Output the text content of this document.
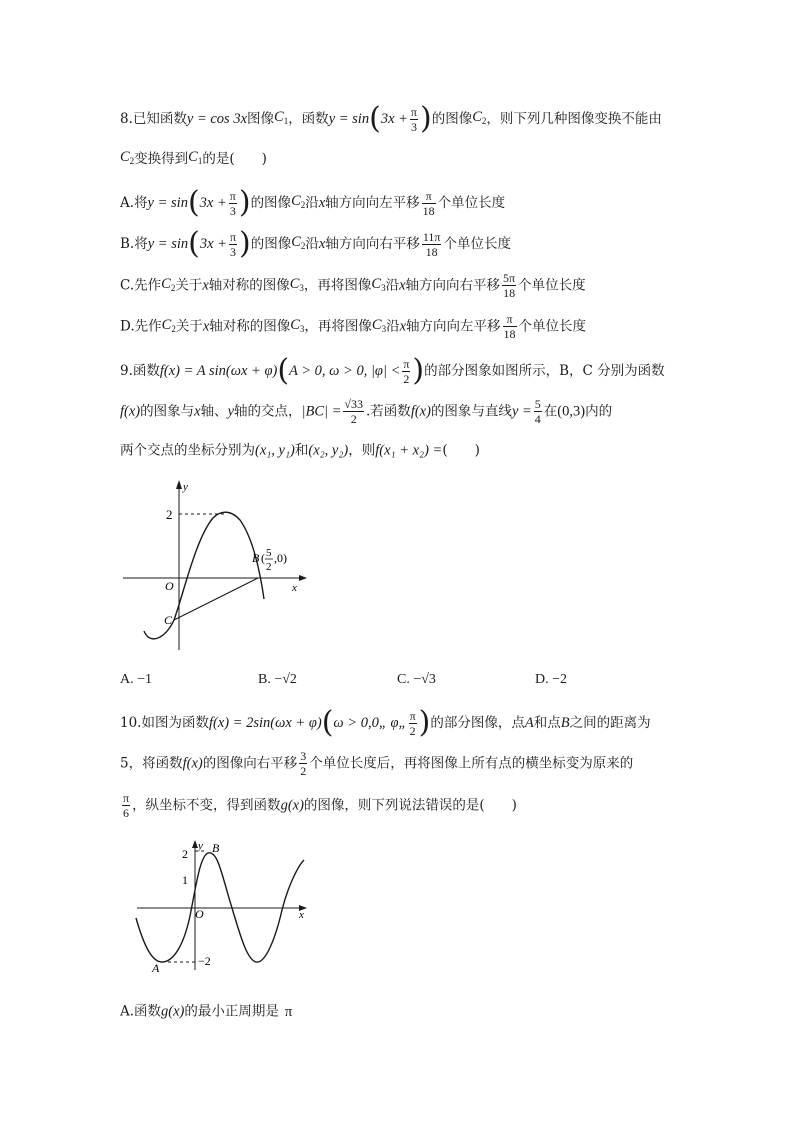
8.已知函数y = cos 3x图像$C_1$，函数$y = \sin(3x + \frac{\pi}{3}$ )的图像$C_2$，则下列几种图像变换不能由
$C_2$变换得到$C_1$的是(　　)
A.将$y = \sin(3x + \frac{\pi}{3}$ )的图像$C_2$沿x轴方向向左平移 $\frac{\pi}{18}$ 个单位长度
B.将$y = \sin(3x + \frac{\pi}{3}$ )的图像$C_2$沿x轴方向向右平移 $\frac{11\pi}{18}$ 个单位长度
C.先作$C_2$关于x轴对称的图像$C_3$，再将图像$C_3$沿x轴方向向右平移 $\frac{5\pi}{18}$ 个单位长度
D.先作$C_2$关于x轴对称的图像$C_3$，再将图像$C_3$沿x轴方向向左平移 $\frac{\pi}{18}$ 个单位长度
9.函数f(x) = A sin(ωx + φ)(A > 0, ω > 0, $|\varphi| < \frac{\pi}{2}$ )的部分图象如图所示，B，C 分别为函数
f(x)的图象与x轴、y轴的交点，$|BC| = \frac{√33}{2}$ .若函数f(x)的图象与直线$y = \frac{5}{4}$ 在(0,3)内的
两个交点的坐标分别为(x₁, y₁)和(x₂, y₂)，则f(x₁ + x₂) =(　　)
y
x
O
2
C
B ( 5
2
,0)
A. −1	B. −√2	C. −√3	D. −2
10.如图为函数f(x) = 2sin(ωx + φ)(ω > 0,0„ φ„ $\frac{\pi}{2}$ )的部分图像，点A和点B之间的距离为
5，将函数f(x)的图像向右平移 $\frac{3}{2}$ 个单位长度后，再将图像上所有点的横坐标变为原来的
$\frac{\pi}{6}$ ，纵坐标不变，得到函数g(x)的图像，则下列说法错误的是(　　)
y
x
O
2
1
−2
A
B
A.函数g(x)的最小正周期是 π
